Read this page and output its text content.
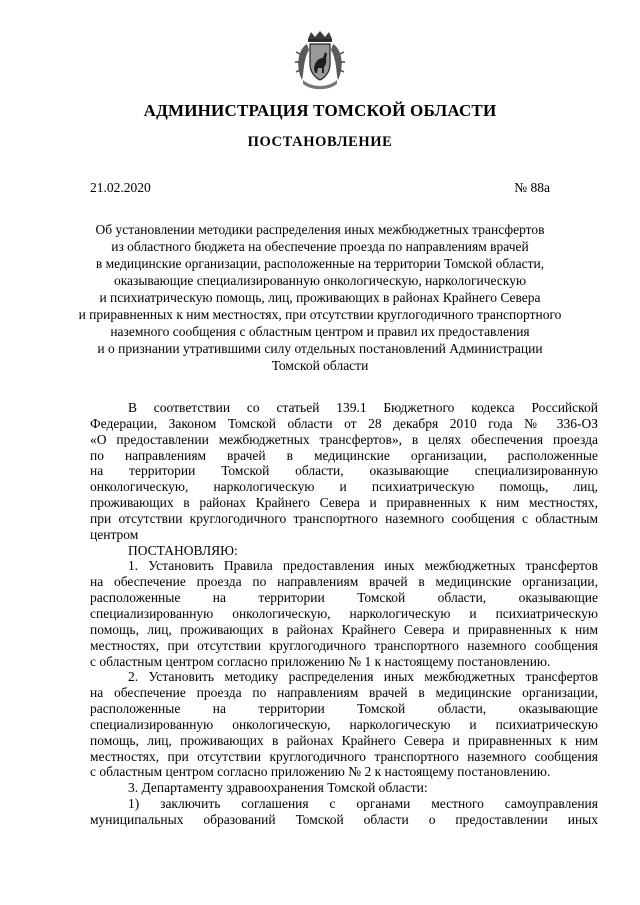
АДМИНИСТРАЦИЯ ТОМСКОЙ ОБЛАСТИ
ПОСТАНОВЛЕНИЕ
21.02.2020	№ 88а
Об установлении методики распределения иных межбюджетных трансфертов
из областного бюджета на обеспечение проезда по направлениям врачей
в медицинские организации, расположенные на территории Томской области,
оказывающие специализированную онкологическую, наркологическую
и психиатрическую помощь, лиц, проживающих в районах Крайнего Севера
и приравненных к ним местностях, при отсутствии круглогодичного транспортного
наземного сообщения с областным центром и правил их предоставления
и о признании утратившими силу отдельных постановлений Администрации
Томской области
В соответствии со статьей 139.1 Бюджетного кодекса Российской
Федерации, Законом Томской области от 28 декабря 2010 года № 336-ОЗ
«О предоставлении межбюджетных трансфертов», в целях обеспечения проезда
по направлениям врачей в медицинские организации, расположенные
на территории Томской области, оказывающие специализированную
онкологическую, наркологическую и психиатрическую помощь, лиц,
проживающих в районах Крайнего Севера и приравненных к ним местностях,
при отсутствии круглогодичного транспортного наземного сообщения с областным
центром
ПОСТАНОВЛЯЮ:
1. Установить Правила предоставления иных межбюджетных трансфертов
на обеспечение проезда по направлениям врачей в медицинские организации,
расположенные на территории Томской области, оказывающие
специализированную онкологическую, наркологическую и психиатрическую
помощь, лиц, проживающих в районах Крайнего Севера и приравненных к ним
местностях, при отсутствии круглогодичного транспортного наземного сообщения
с областным центром согласно приложению № 1 к настоящему постановлению.
2. Установить методику распределения иных межбюджетных трансфертов
на обеспечение проезда по направлениям врачей в медицинские организации,
расположенные на территории Томской области, оказывающие
специализированную онкологическую, наркологическую и психиатрическую
помощь, лиц, проживающих в районах Крайнего Севера и приравненных к ним
местностях, при отсутствии круглогодичного транспортного наземного сообщения
с областным центром согласно приложению № 2 к настоящему постановлению.
3. Департаменту здравоохранения Томской области:
1) заключить соглашения с органами местного самоуправления
муниципальных образований Томской области о предоставлении иных
